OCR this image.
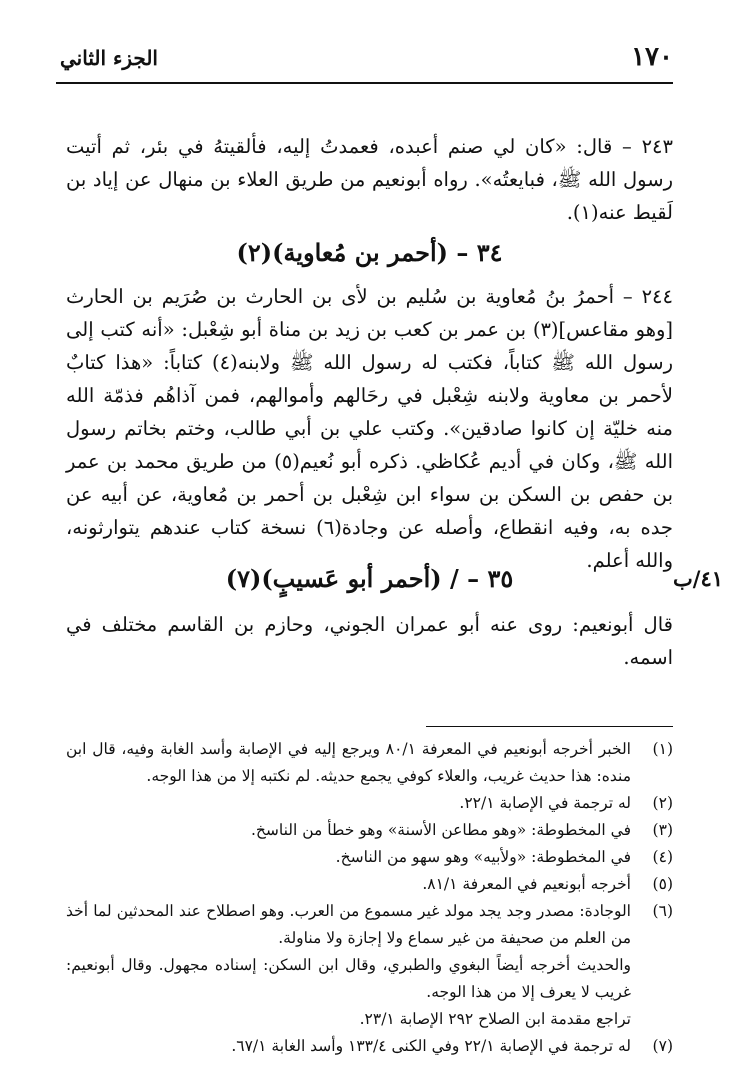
١٧٠
الجزء الثاني
٢٤٣ – قال: «كان لي صنم أعبده، فعمدتُ إليه، فألقيتهُ في بئر، ثم أتيت رسول الله ﷺ، فبايعتُه». رواه أبونعيم من طريق العلاء بن منهال عن إياد بن لَقيط عنه(١).
٣٤ – (أحمر بن مُعاوية)(٢)
٢٤٤ – أحمرُ بنُ مُعاوية بن سُليم بن لأى بن الحارث بن صُرَيم بن الحارث [وهو مقاعس](٣) بن عمر بن كعب بن زيد بن مناة أبو شِعْبل: «أنه كتب إلى رسول الله ﷺ كتاباً، فكتب له رسول الله ﷺ ولابنه(٤) كتاباً: «هذا كتابٌ لأحمر بن معاوية ولابنه شِعْبل في رحَالهم وأموالهم، فمن آذاهُم فذمّة الله منه خليّة إن كانوا صادقين». وكتب علي بن أبي طالب، وختم بخاتم رسول الله ﷺ، وكان في أديم عُكاظي. ذكره أبو نُعيم(٥) من طريق محمد بن عمر بن حفص بن السكن بن سواء ابن شِعْبل بن أحمر بن مُعاوية، عن أبيه عن جده به، وفيه انقطاع، وأصله عن وجادة(٦) نسخة كتاب عندهم يتوارثونه، والله أعلم.
٣٥ – / (أحمر أبو عَسيبٍ)(٧)
قال أبونعيم: روى عنه أبو عمران الجوني، وحازم بن القاسم مختلف في اسمه.
٤١/ب
(١)
الخبر أخرجه أبونعيم في المعرفة ٨٠/١ ويرجع إليه في الإصابة وأسد الغابة وفيه، قال ابن منده: هذا حديث غريب، والعلاء كوفي يجمع حديثه. لم نكتبه إلا من هذا الوجه.
(٢)
له ترجمة في الإصابة ٢٢/١.
(٣)
في المخطوطة: «وهو مطاعن الأسنة» وهو خطأ من الناسخ.
(٤)
في المخطوطة: «ولأبيه» وهو سهو من الناسخ.
(٥)
أخرجه أبونعيم في المعرفة ٨١/١.
(٦)
الوجادة: مصدر وجد يجد مولد غير مسموع من العرب. وهو اصطلاح عند المحدثين لما أخذ من العلم من صحيفة من غير سماع ولا إجازة ولا مناولة.
والحديث أخرجه أيضاً البغوي والطبري، وقال ابن السكن: إسناده مجهول. وقال أبونعيم: غريب لا يعرف إلا من هذا الوجه.
تراجع مقدمة ابن الصلاح ٢٩٢ الإصابة ٢٣/١.
(٧)
له ترجمة في الإصابة ٢٢/١ وفي الكنى ١٣٣/٤ وأسد الغابة ٦٧/١.
